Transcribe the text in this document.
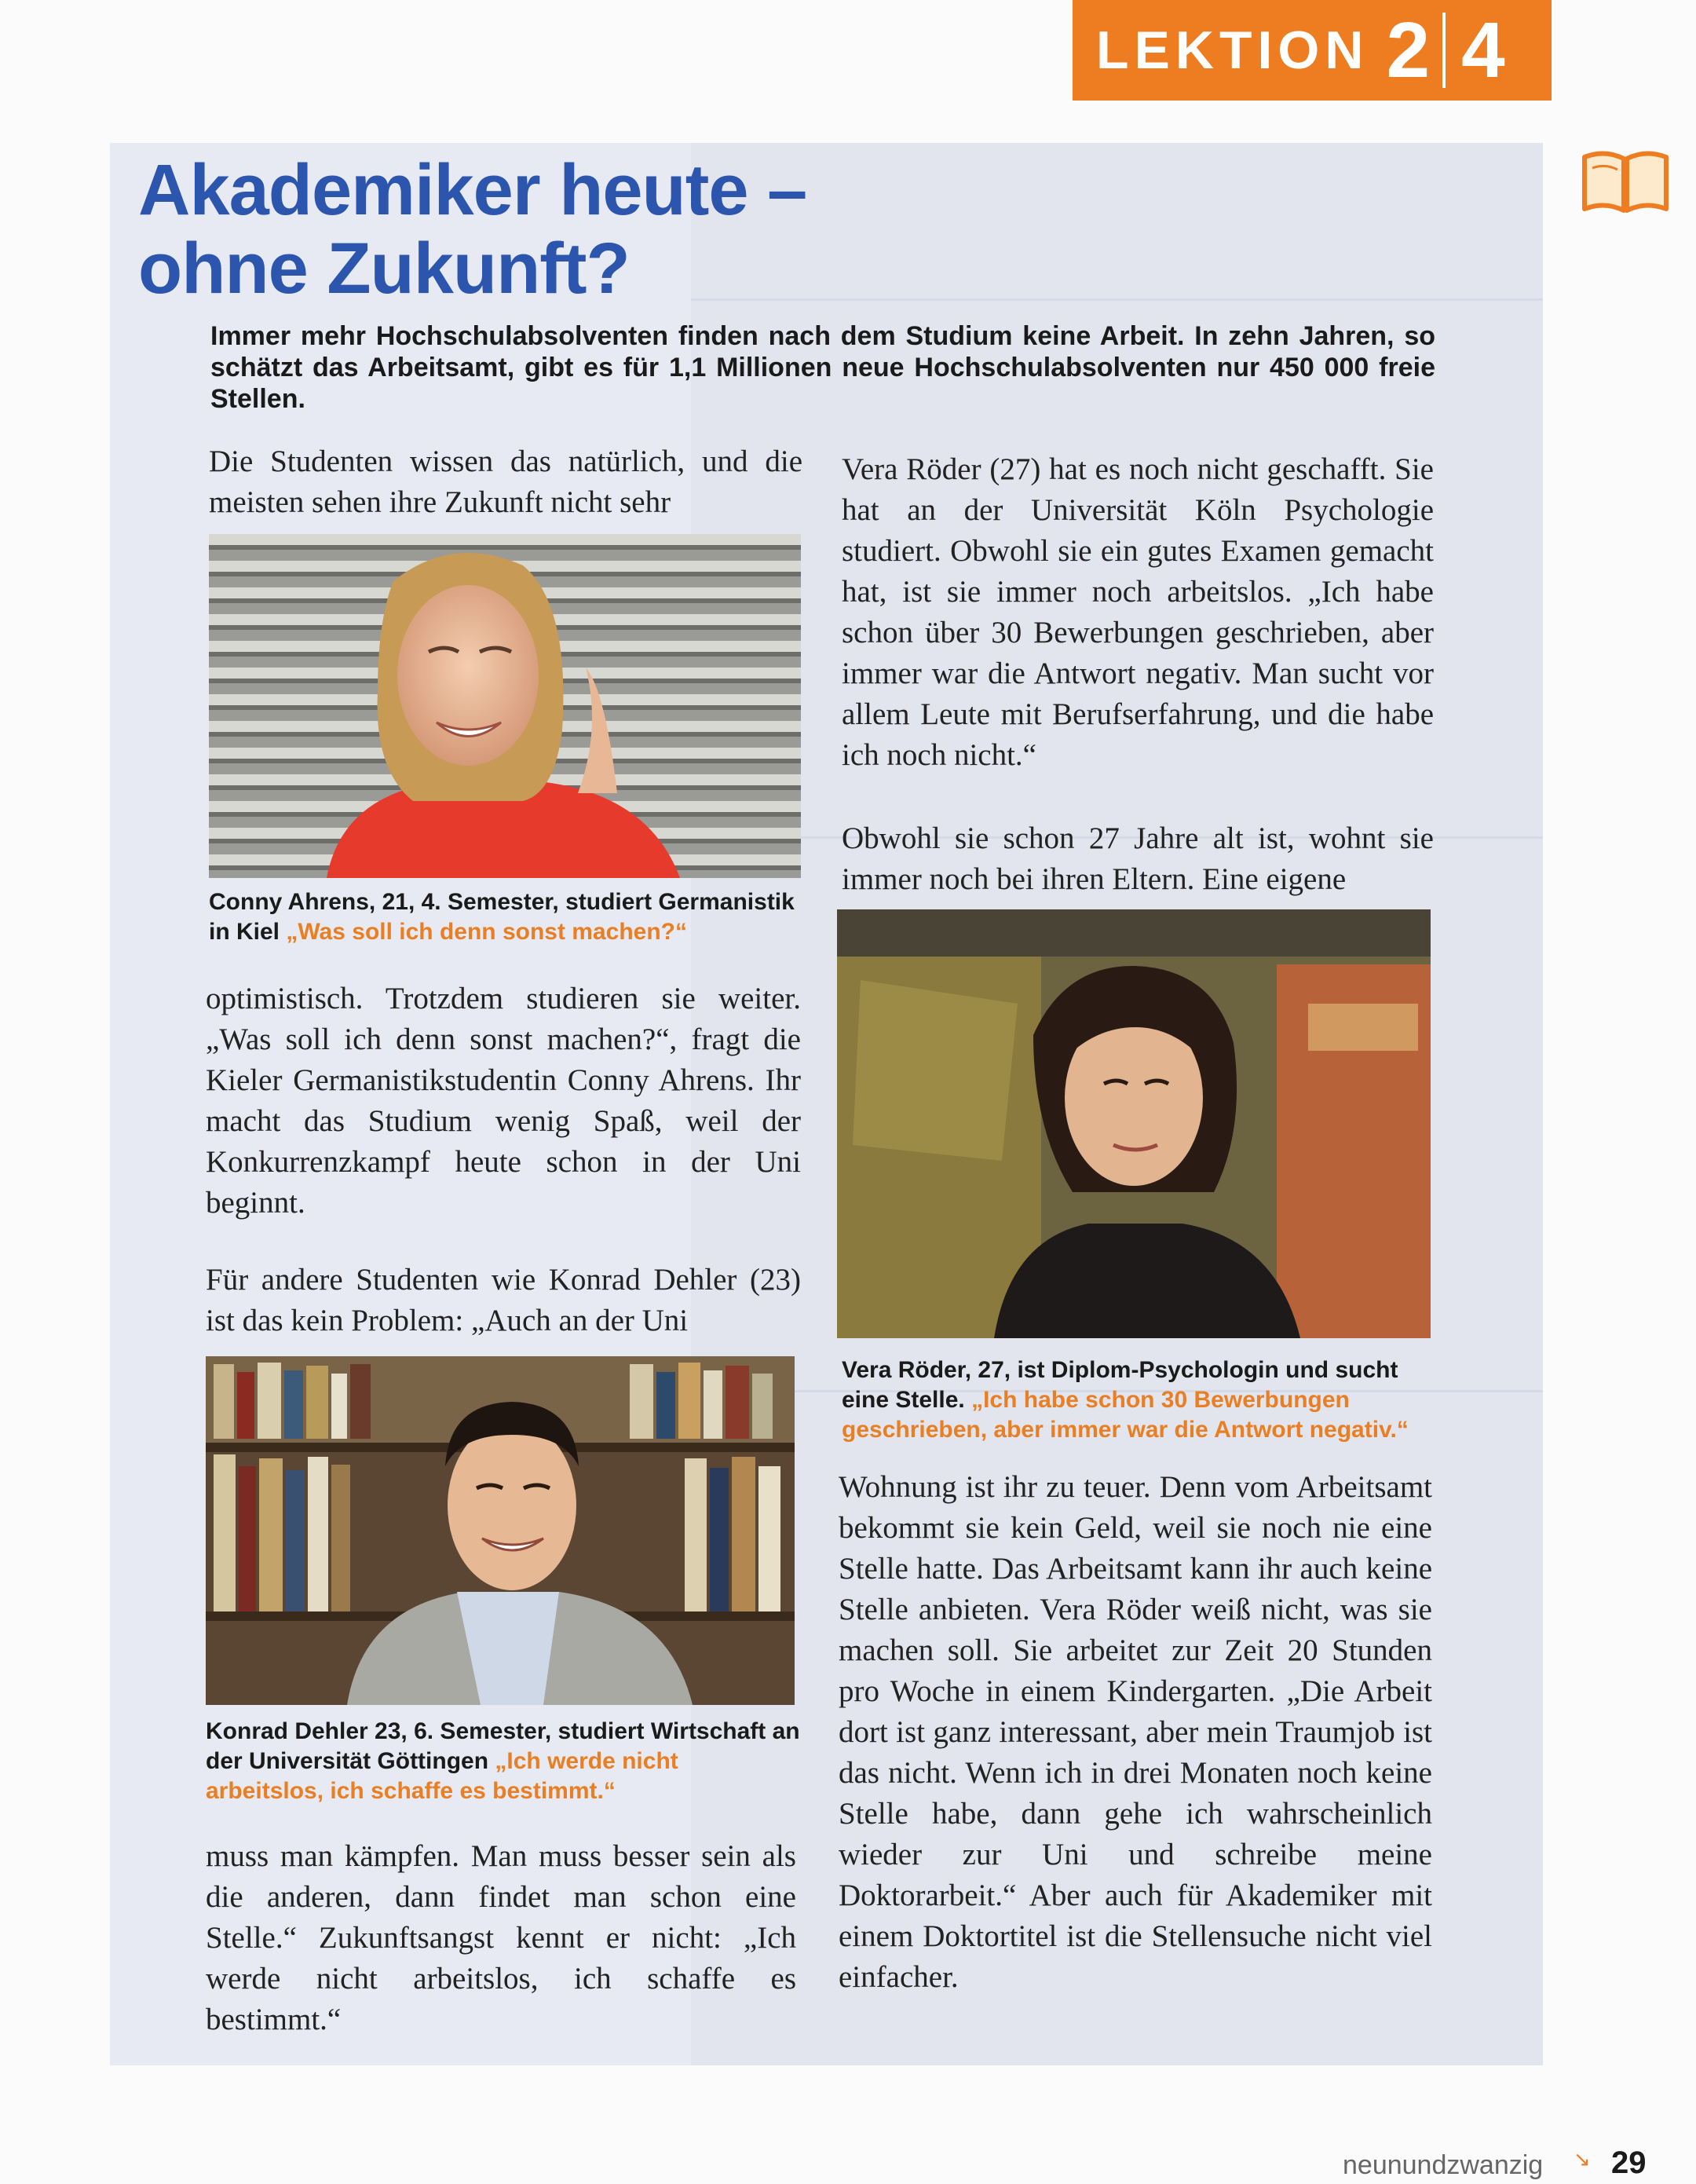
LEKTION 2 4
Akademiker heute –
ohne Zukunft?

Immer mehr Hochschulabsolventen finden nach dem Studium keine Arbeit. In zehn Jahren, so schätzt das Arbeitsamt, gibt es für 1,1 Millionen neue Hochschulabsolventen nur 450 000 freie Stellen.

Die Studenten wissen das natürlich, und die meisten sehen ihre Zukunft nicht sehr

Conny Ahrens, 21, 4. Semester, studiert Germanistik in Kiel „Was soll ich denn sonst machen?“

optimistisch. Trotzdem studieren sie weiter. „Was soll ich denn sonst machen?“, fragt die Kieler Germanistikstudentin Conny Ahrens. Ihr macht das Studium wenig Spaß, weil der Konkurrenzkampf heute schon in der Uni beginnt.

Für andere Studenten wie Konrad Dehler (23) ist das kein Problem: „Auch an der Uni

Konrad Dehler 23, 6. Semester, studiert Wirtschaft an der Universität Göttingen „Ich werde nicht arbeitslos, ich schaffe es bestimmt.“

muss man kämpfen. Man muss besser sein als die anderen, dann findet man schon eine Stelle.“ Zukunftsangst kennt er nicht: „Ich werde nicht arbeitslos, ich schaffe es bestimmt.“

Vera Röder (27) hat es noch nicht geschafft. Sie hat an der Universität Köln Psychologie studiert. Obwohl sie ein gutes Examen gemacht hat, ist sie immer noch arbeitslos. „Ich habe schon über 30 Bewerbungen geschrieben, aber immer war die Antwort negativ. Man sucht vor allem Leute mit Berufserfahrung, und die habe ich noch nicht.“

Obwohl sie schon 27 Jahre alt ist, wohnt sie immer noch bei ihren Eltern. Eine eigene

Vera Röder, 27, ist Diplom-Psychologin und sucht eine Stelle. „Ich habe schon 30 Bewerbungen geschrieben, aber immer war die Antwort negativ.“

Wohnung ist ihr zu teuer. Denn vom Arbeitsamt bekommt sie kein Geld, weil sie noch nie eine Stelle hatte. Das Arbeitsamt kann ihr auch keine Stelle anbieten. Vera Röder weiß nicht, was sie machen soll. Sie arbeitet zur Zeit 20 Stunden pro Woche in einem Kindergarten. „Die Arbeit dort ist ganz interessant, aber mein Traumjob ist das nicht. Wenn ich in drei Monaten noch keine Stelle habe, dann gehe ich wahrscheinlich wieder zur Uni und schreibe meine Doktorarbeit.“ Aber auch für Akademiker mit einem Doktortitel ist die Stellensuche nicht viel einfacher.

neunundzwanzig ↘ 29
